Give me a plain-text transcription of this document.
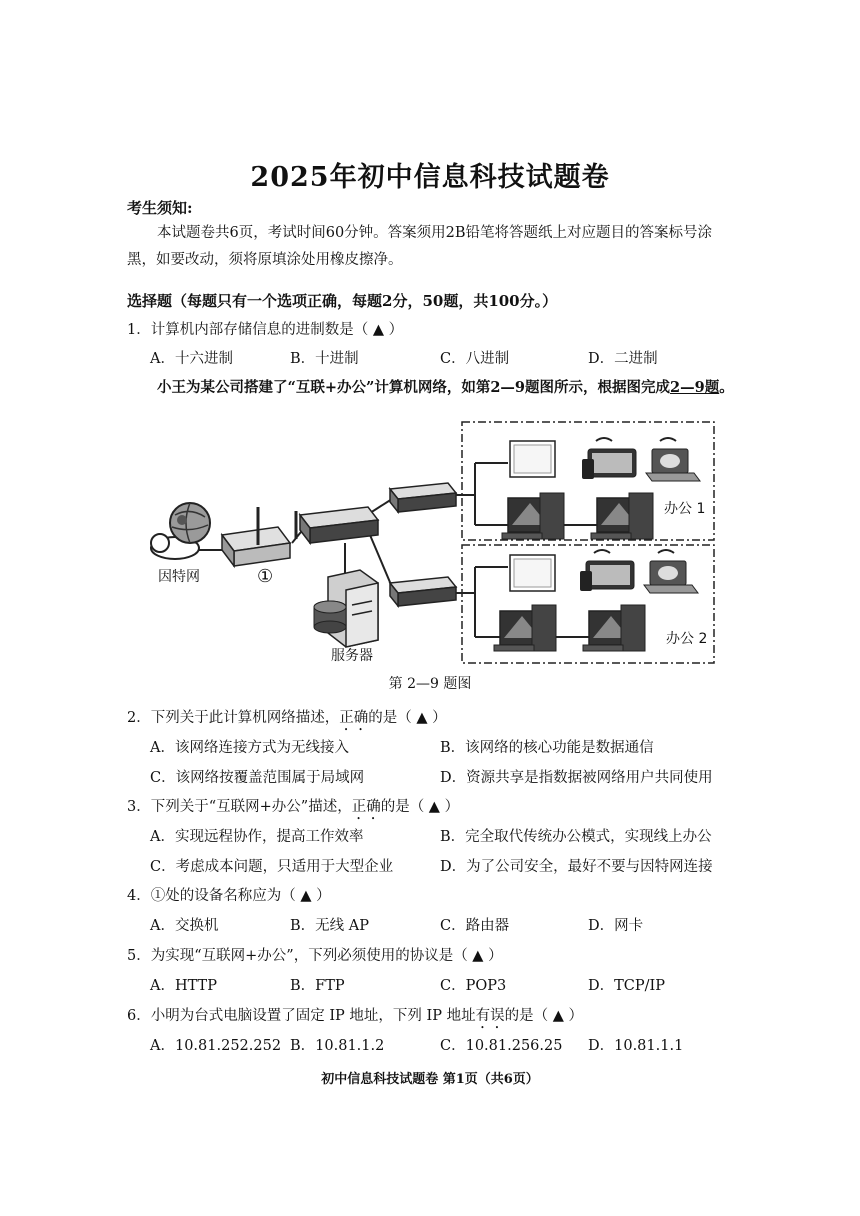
2025年初中信息科技试题卷
考生须知:
本试题卷共6页，考试时间60分钟。答案须用2B铅笔将答题纸上对应题目的答案标号涂黑，如要改动，须将原填涂处用橡皮擦净。
选择题（每题只有一个选项正确，每题2分，50题，共100分。）
1．计算机内部存储信息的进制数是（ ▲ ）
A．十六进制	B．十进制	C．八进制	D．二进制
小王为某公司搭建了“互联+办公”计算机网络，如第2—9题图所示，根据图完成2—9题。
因特网	①
服务器
办公 1
办公 2
第 2—9 题图
2．下列关于此计算机网络描述，正确的是（ ▲ ）
A．该网络连接方式为无线接入	B．该网络的核心功能是数据通信
C．该网络按覆盖范围属于局域网	D．资源共享是指数据被网络用户共同使用
3．下列关于“互联网+办公”描述，正确的是（ ▲ ）
A．实现远程协作，提高工作效率	B．完全取代传统办公模式，实现线上办公
C．考虑成本问题，只适用于大型企业	D．为了公司安全，最好不要与因特网连接
4．①处的设备名称应为（ ▲ ）
A．交换机	B．无线 AP	C．路由器	D．网卡
5．为实现“互联网+办公”，下列必须使用的协议是（ ▲ ）
A．HTTP	B．FTP	C．POP3	D．TCP/IP
6．小明为台式电脑设置了固定 IP 地址，下列 IP 地址有误的是（ ▲ ）
A．10.81.252.252 B．10.81.1.2	C．10.81.256.25 D．10.81.1.1
初中信息科技试题卷 第1页（共6页）
